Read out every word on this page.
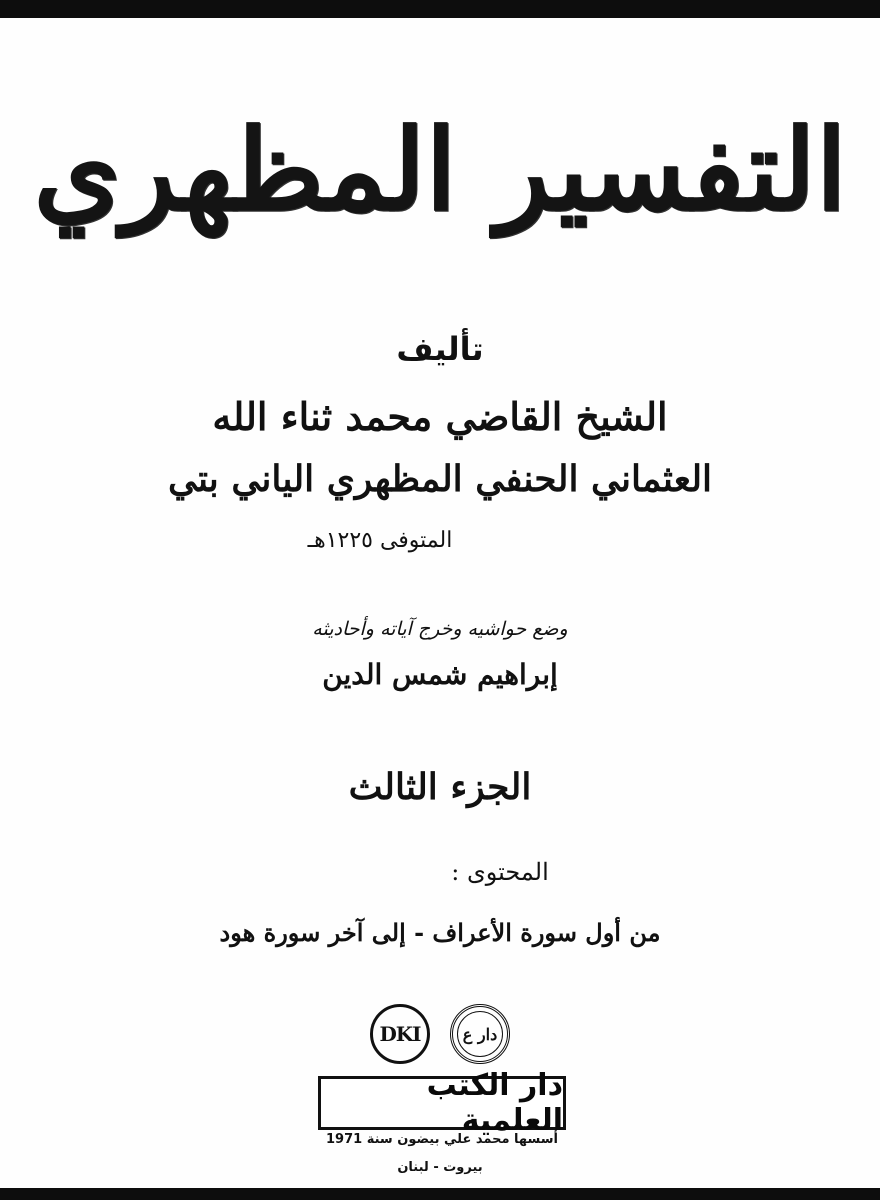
التفسير المظهري
تأليف
الشيخ القاضي محمد ثناء الله
العثماني الحنفي المظهري الياني بتي
المتوفى ١٢٢٥هـ
وضع حواشيه وخرج آياته وأحاديثه
إبراهيم شمس الدين
الجزء الثالث
المحتوى :
من أول سورة الأعراف - إلى آخر سورة هود
DKI	دار ع
دار الكتب العلمية
أسسها محمد علي بيضون سنة 1971
بيروت - لبنان
